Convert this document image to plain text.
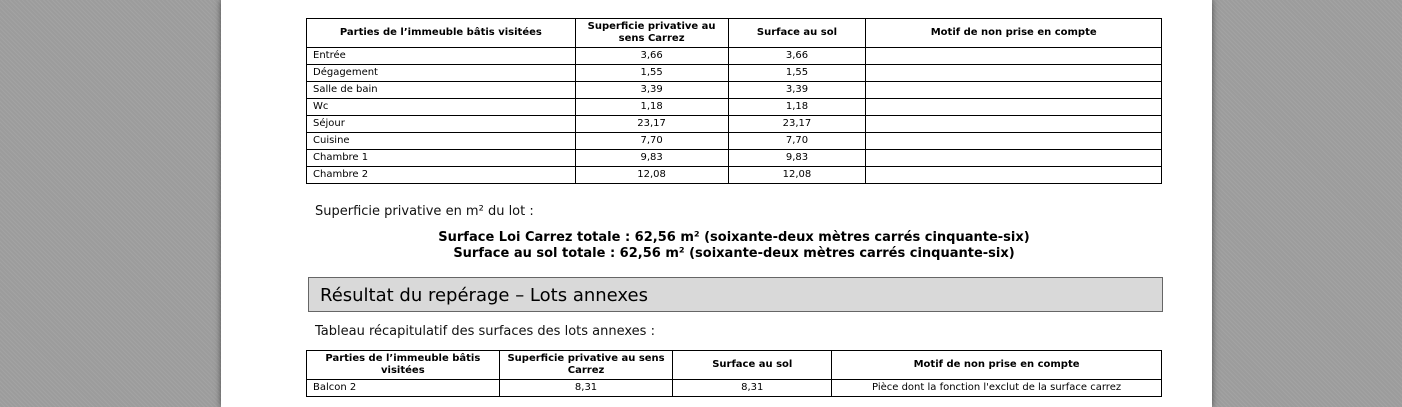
Parties de l’immeuble bâtis visitées	Superficie privative au sens Carrez	Surface au sol	Motif de non prise en compte
Entrée	3,66	3,66	
Dégagement	1,55	1,55	
Salle de bain	3,39	3,39	
Wc	1,18	1,18	
Séjour	23,17	23,17	
Cuisine	7,70	7,70	
Chambre 1	9,83	9,83	
Chambre 2	12,08	12,08	
Superficie privative en m² du lot :
Surface Loi Carrez totale : 62,56 m² (soixante-deux mètres carrés cinquante-six)
Surface au sol totale : 62,56 m² (soixante-deux mètres carrés cinquante-six)
Résultat du repérage – Lots annexes
Tableau récapitulatif des surfaces des lots annexes :
Parties de l’immeuble bâtis visitées	Superficie privative au sens Carrez	Surface au sol	Motif de non prise en compte
Balcon 2	8,31	8,31	Pièce dont la fonction l'exclut de la surface carrez
